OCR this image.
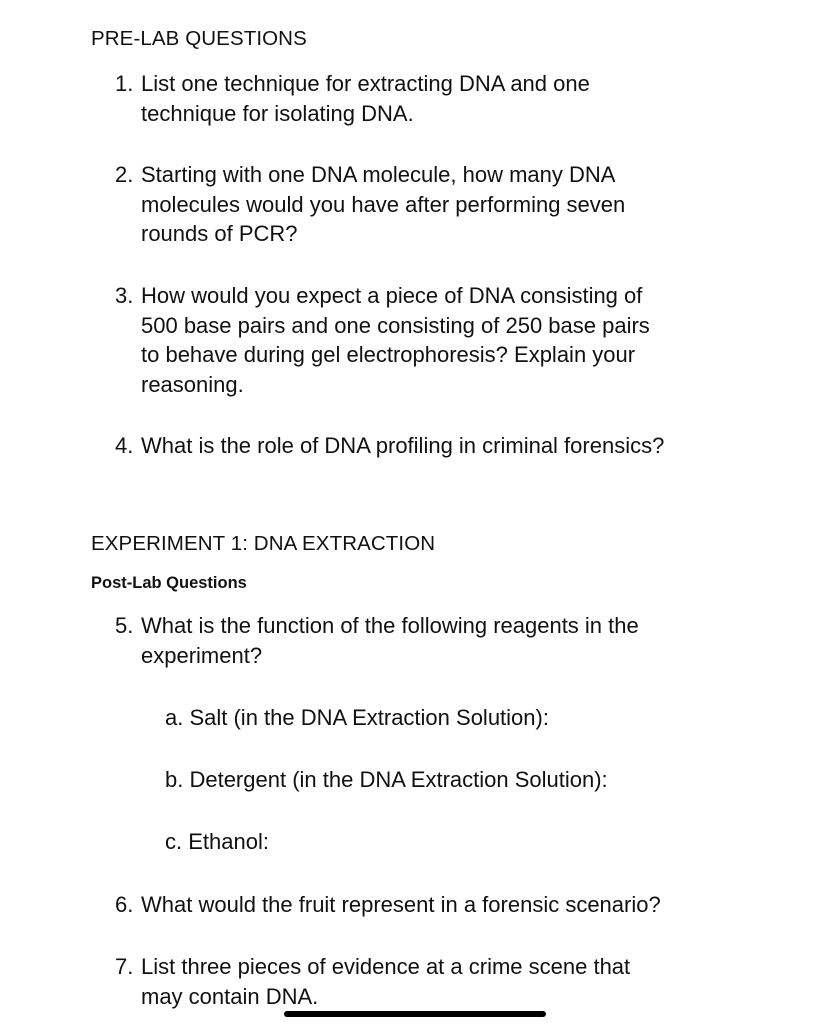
PRE-LAB QUESTIONS
1. List one technique for extracting DNA and one
technique for isolating DNA.
2. Starting with one DNA molecule, how many DNA
molecules would you have after performing seven
rounds of PCR?
3. How would you expect a piece of DNA consisting of
500 base pairs and one consisting of 250 base pairs
to behave during gel electrophoresis? Explain your
reasoning.
4. What is the role of DNA profiling in criminal forensics?
EXPERIMENT 1: DNA EXTRACTION
Post-Lab Questions
5. What is the function of the following reagents in the
experiment?
a. Salt (in the DNA Extraction Solution):
b. Detergent (in the DNA Extraction Solution):
c. Ethanol:
6. What would the fruit represent in a forensic scenario?
7. List three pieces of evidence at a crime scene that
may contain DNA.
